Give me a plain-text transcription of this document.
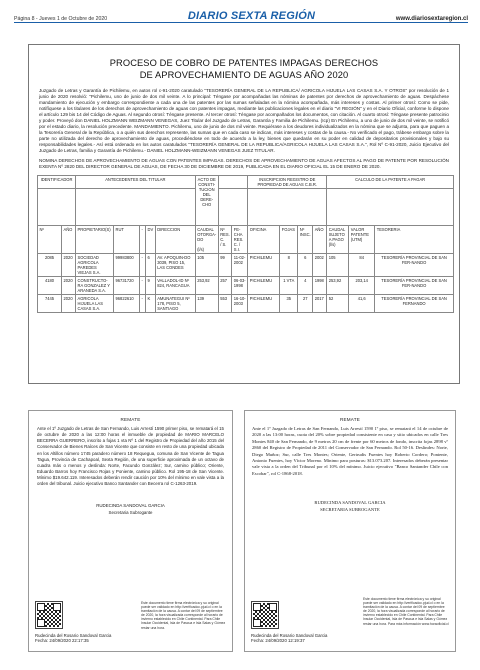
Página 8 - Jueves 1 de Octubre de 2020	DIARIO SEXTA REGIÓN	www.diariosextaregion.cl
PROCESO DE COBRO DE PATENTES IMPAGAS DERECHOS
DE APROVECHAMIENTO DE AGUAS AÑO 2020

Juzgado de Letras y Garantía de Pichilemu, en autos rol c-91-2020 caratulado "TESORERÍA GENERAL DE LA REPUBLICA/ AGRICOLA HIJUELA LAS CASAS S.A. Y OTROS" por resolución de 1 junio de 2020 resolvió: "Pichilemu, uno de junio de dos mil veinte. A lo principal: Téngase por acompañadas las nóminas de patentes por derechos de aprovechamiento de aguas. Despáchese mandamiento de ejecución y embargo correspondiente a cada una de las patentes por las sumas señaladas en la nómina acompañada, más intereses y costas. Al primer otrosí: Como se pide, notifíquese a los titulares de los derechos de aprovechamiento de aguas con patentes impagas, mediante las publicaciones legales en el diario "VI REGIÓN" y en el Diario Oficial, conforme lo dispone el artículo 129 bis 14 del Código de Aguas. Al segundo otrosí: Téngase presente. Al tercer otrosí: Téngase por acompañados los documentos, con citación. Al cuarto otrosí: Téngase presente patrocinio y poder. Proveyó don DANIEL HOLZMANN WEIZMANN VENEGAS, Juez Titular del Juzgado de Letras, Garantía y Familia de Pichilemu. (Icp) En Pichilemu, a uno de junio de dos mil veinte, se notificó por el estado diario, la resolución precedente. MANDAMIENTO. Pichilemu, uno de junio de dos mil veinte. Requiérase a los deudores individualizados en la nómina que se adjunta, para que paguen a la Tesorería General de la República, o a quién sus derechos represente, las sumas que en cada caso se indican, más intereses y costas de la causa.- No verificado el pago, trábese embargo sobre la parte no utilizada del derecho de aprovechamiento de aguas, procediéndose en todo de acuerdo a la ley, bienes que quedarán en su poder en calidad de depositarios provisionales y bajo su responsabilidades legales.- Así está ordenado en los autos caratulados "TESORERÍA GENERAL DE LA REPUBLICA/AGRICOLA HIJUELA LAS CASAS S.A.", Rol Nº C-91-2020, Juicio Ejecutivo del Juzgado de Letras, familia y Garantía de Pichilemu.- DANIEL HOLZMANN-WEIZMANN VENEGAS JUEZ TITULAR.

NOMINA DERECHOS DE APROVECHAMIENTO DE AGUAS CON PATENTES IMPAGAS. DERECHOS DE APROVECHAMIENTO DE AGUAS AFECTOS AL PAGO DE PATENTE POR RESOLUCIÓN EXENTA Nº 2820 DEL DIRECTOR GENERAL DE AGUAS, DE FECHA 30 DE DICIEMBRE DE 2019, PUBLICADA EN EL DIARIO OFICIAL EL 15 DE ENERO DE 2020.

IDENTIFICADOR		ANTECEDENTES DEL TITULAR					ACTO DE CONSTI-TUCION DEL DERE-CHO			INSCRIPCION REGISTRO DE PROPIEDAD DE AGUAS C.B.R.				CALCULO DE LA PATENTE A PAGAR		

Nº	AÑO	PROPIETARIO(S)	RUT	-	DV	DIRECCION	CAUDAL OTORGA-DO

(l/s)	Nº RES. C.
/ S.	FE-CHA RES.
C. / S.I.	OFICINA	FOJAS	Nº INSC.	AÑO	CAUDAL SUJETO A PAGO
(l/s)	VALOR PATENTE (UTM)	TESORERIA
2085	2020	SOCIEDAD AGRICOLA PAREDES VIEJAS S.A.	99983800	-	6	AV. APOQUIN-DO 3039, PISO 15, LAS CONDES	105	99	11-02-2002	PICHILEMU	8	6	2002	105	84	TESORERÍA PROVINCIAL DE SAN FER-NANDO
4180	2020	CONSTRUCTO-RA GONZALEZ Y ARANEDA S.A.	96731720	-	9	VALLADOL-ID Nº 824, RANCAGUA	253,92	257	06-03-1998	PICHILEMU	1 VTA	4	1998	253,92	203,14	TESORERÍA PROVINCIAL DE SAN FER-NANDO
7445	2020	AGRICOLA HIJUELA LAS CASAS S.A.	96822610	-	K	AMUNATEGUI Nº 178, PISO 5, SANTIAGO	139	553	16-10-2003	PICHILEMU	35	27	2017	52	41,6	TESORERÍA PROVINCIAL DE SAN FERNANDO
REMATE
Ante el 1º Juzgado de Letras de San Fernando, Luis Arrestí 1590 primer piso, se rematará el 15 de octubre de 2020 a las 12:00 horas el inmueble de propiedad de MARIO MARCELO BECERRA GUERRERO, inscrito a fojas 1 vta Nº 1 del Registro de Propiedad del año 2015 del Conservador de Bienes Raíces de San Vicente que consiste en resto de una propiedad ubicada en los Altillos número 1745 paradero número 18 Requegua, comuna de San Vicente de Tagua Tagua, Provincia de Cachapoal, Sexta Región, de una superficie aproximada de un octavo de cuadra más o menos y deslinda: Norte, Facundo González; Sur, camino público; Oriente, Eduardo Barros hoy Francisco Rojas y Poniente, camino público. Rol 195-18 de San Vicente. Mínimo $19.642.119. Interesados deberán rendir caución por 10% del mínimo en vale vista a la orden del tribunal. Juicio ejecutivo Banco Santander con Becerra rol C-1263-2019.
RUDECINDA SANDOVAL GARCIA
Secretaria Subrogante
Este documento tiene firma electrónica y su original puede ser validado en http://verificadoc.pjud.cl o en la tramitación de la causa. A contar del 09 de septiembre de 2020, la hora visualizada corresponde al horario de invierno establecido en Chile Continental. Para Chile Insular Occidental, Isla de Pascua e Isla Salas y Gómez restar una hora.
Rudecinda del Rosario Sandoval Garcia
Fecha: 24/09/2020 22:17:35
REMATE
Ante el 1º Juzgado de Letras de San Fernando, Luis Arrestí 1590 1º piso, se rematará el 14 de octubre de 2020 a las 13:00 horas, cuota del 20% sobre propiedad consistente en casa y sitio ubicados en calle Tres Montes 840 de San Fernando, de 9 metros 20 cm de frente por 60 metros de fondo, inscrita fojas 2898 vº 2860 del Registro de Propiedad de 2011 del Conservador de San Fernando. Rol 50-16. Deslindes: Norte, Diego Muñoz; Sur, calle Tres Montes; Oriente, Gertrudis Fuentes hoy Roberto Cordero; Poniente, Antonio Fuentes, hoy Víctor Moreno. Mínimo para posturas: $13.073.207. Interesados deberán presentar vale vista a la orden del Tribunal por el 10% del mínimo. Juicio ejecutivo "Banco Santander Chile con Escobar", rol C-1868-2018.
RUDECINDA SANDOVAL GARCIA
SECRETARIA SUBROGANTE
Este documento tiene firma electrónica y su original puede ser validado en http://verificadoc.pjud.cl o en la tramitación de la causa. A contar del 09 de septiembre de 2020, la hora visualizada corresponde al horario de invierno establecido en Chile Continental. Para Chile Insular Occidental, Isla de Pascua e Isla Salas y Gómez restar una hora. Para más información www.horaoficial.cl
Rudecinda del Rosario Sandoval Garcia
Fecha: 24/09/2020 12:19:37
